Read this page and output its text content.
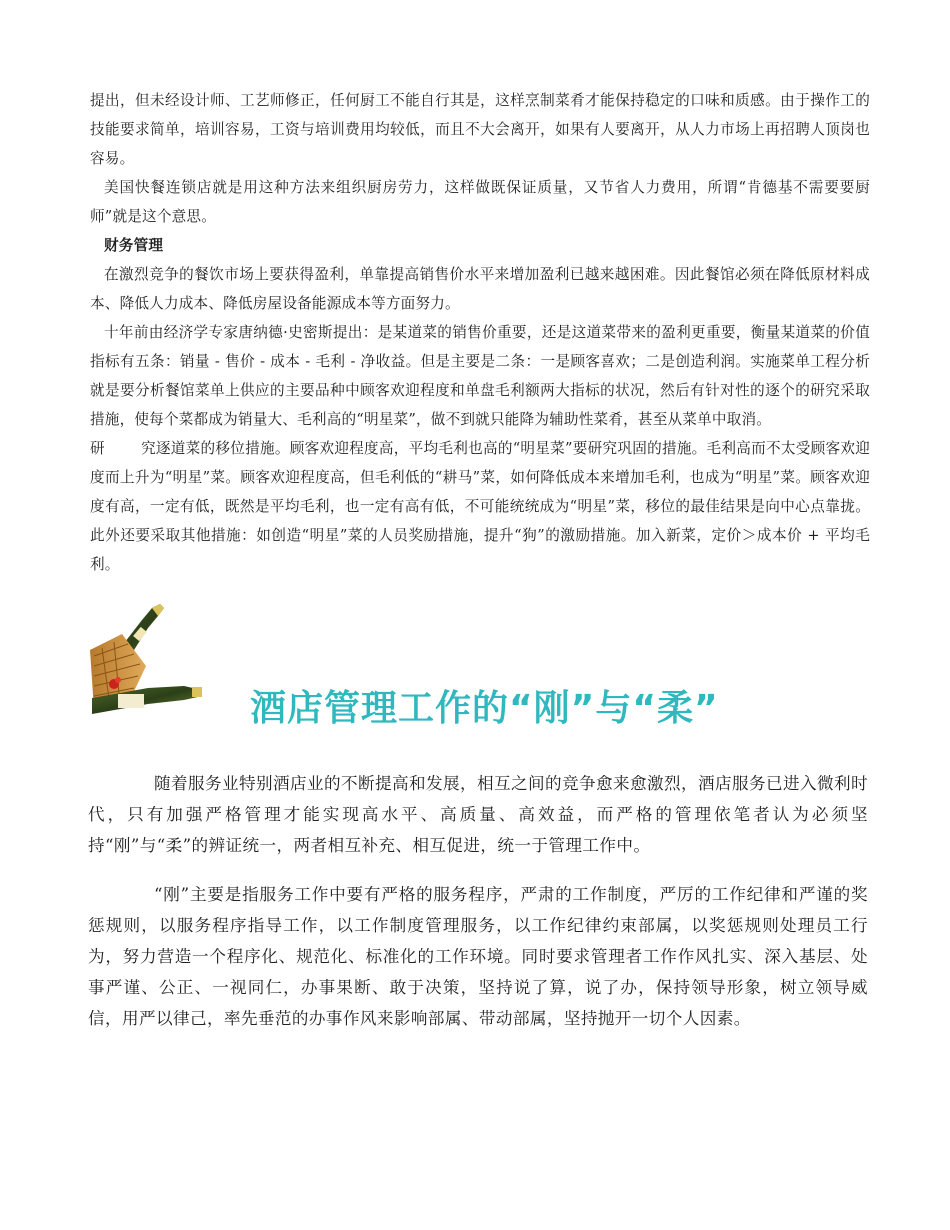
提出，但未经设计师、工艺师修正，任何厨工不能自行其是，这样烹制菜肴才能保持稳定的口味和质感。由于操作工的技能要求简单，培训容易，工资与培训费用均较低，而且不大会离开，如果有人要离开，从人力市场上再招聘人顶岗也容易。

美国快餐连锁店就是用这种方法来组织厨房劳力，这样做既保证质量，又节省人力费用，所谓“肯德基不需要要厨师”就是这个意思。

财务管理

在激烈竞争的餐饮市场上要获得盈利，单靠提高销售价水平来增加盈利已越来越困难。因此餐馆必须在降低原材料成本、降低人力成本、降低房屋设备能源成本等方面努力。

十年前由经济学专家唐纳德·史密斯提出：是某道菜的销售价重要，还是这道菜带来的盈利更重要，衡量某道菜的价值指标有五条：销量 - 售价 - 成本 - 毛利 - 净收益。但是主要是二条：一是顾客喜欢；二是创造利润。实施菜单工程分析就是要分析餐馆菜单上供应的主要品种中顾客欢迎程度和单盘毛利额两大指标的状况，然后有针对性的逐个的研究采取措施，使每个菜都成为销量大、毛利高的“明星菜”，做不到就只能降为辅助性菜肴，甚至从菜单中取消。

研 究逐道菜的移位措施。顾客欢迎程度高，平均毛利也高的“明星菜”要研究巩固的措施。毛利高而不太受顾客欢迎度而上升为“明星”菜。顾客欢迎程度高，但毛利低的“耕马”菜，如何降低成本来增加毛利，也成为“明星”菜。顾客欢迎度有高，一定有低，既然是平均毛利，也一定有高有低，不可能统统成为“明星”菜，移位的最佳结果是向中心点靠拢。此外还要采取其他措施：如创造“明星”菜的人员奖励措施，提升“狗”的激励措施。加入新菜，定价＞成本价 + 平均毛利。

酒店管理工作的“刚”与“柔”

随着服务业特别酒店业的不断提高和发展，相互之间的竞争愈来愈激烈，酒店服务已进入微利时代，只有加强严格管理才能实现高水平、高质量、高效益，而严格的管理依笔者认为必须坚持“刚”与“柔”的辨证统一，两者相互补充、相互促进，统一于管理工作中。

“刚”主要是指服务工作中要有严格的服务程序，严肃的工作制度，严厉的工作纪律和严谨的奖惩规则，以服务程序指导工作，以工作制度管理服务，以工作纪律约束部属，以奖惩规则处理员工行为，努力营造一个程序化、规范化、标准化的工作环境。同时要求管理者工作作风扎实、深入基层、处事严谨、公正、一视同仁，办事果断、敢于决策，坚持说了算，说了办，保持领导形象，树立领导威信，用严以律己，率先垂范的办事作风来影响部属、带动部属，坚持抛开一切个人因素。
